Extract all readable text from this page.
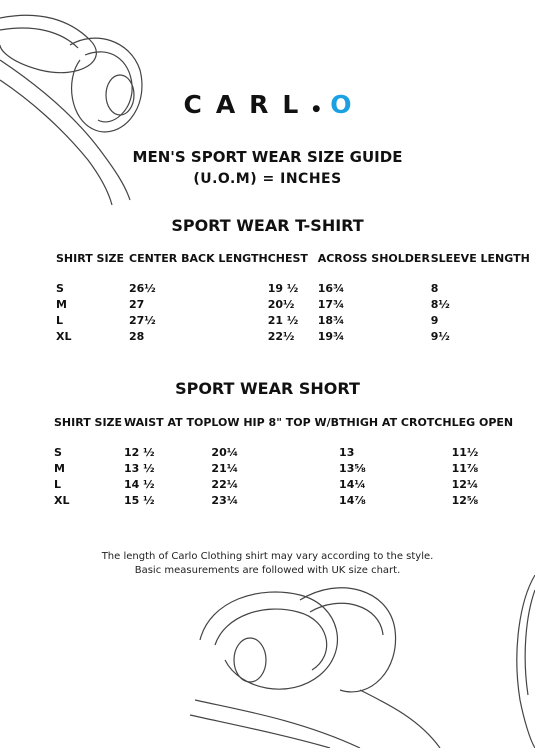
CARL● O
MEN'S SPORT WEAR SIZE GUIDE
(U.O.M) = INCHES
SPORT WEAR T-SHIRT
SHIRT SIZE	CENTER BACK LENGTH	CHEST	ACROSS SHOLDER	SLEEVE LENGTH
S	26½	19 ½	16¾	8
M	27	20½	17¾	8½
L	27½	21 ½	18¾	9
XL	28	22½	19¾	9½
SPORT WEAR SHORT
SHIRT SIZE	WAIST AT TOP	LOW HIP 8" TOP W/B	THIGH AT CROTCH	LEG OPEN
S	12 ½	20¼	13	11½
M	13 ½	21¼	13⅝	11⅞
L	14 ½	22¼	14¼	12¼
XL	15 ½	23¼	14⅞	12⅝
The length of Carlo Clothing shirt may vary according to the style.
Basic measurements are followed with UK size chart.
